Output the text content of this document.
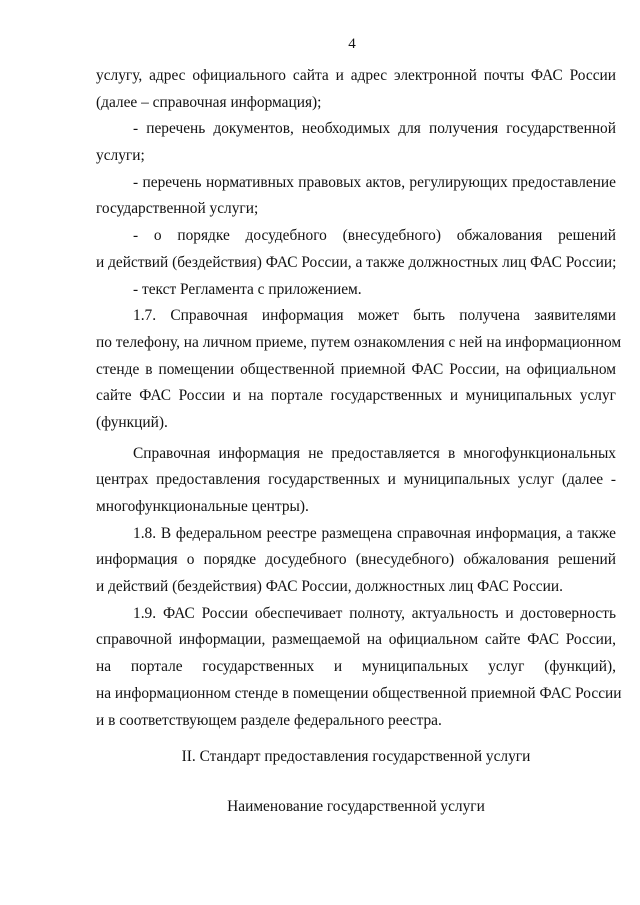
4
услугу, адрес официального сайта и адрес электронной почты ФАС России
(далее – справочная информация);
- перечень документов, необходимых для получения государственной
услуги;
- перечень нормативных правовых актов, регулирующих предоставление
государственной услуги;
- о порядке досудебного (внесудебного) обжалования решений
и действий (бездействия) ФАС России, а также должностных лиц ФАС России;
- текст Регламента с приложением.
1.7. Справочная информация может быть получена заявителями
по телефону, на личном приеме, путем ознакомления с ней на информационном
стенде в помещении общественной приемной ФАС России, на официальном
сайте ФАС России и на портале государственных и муниципальных услуг
(функций).
Справочная информация не предоставляется в многофункциональных
центрах предоставления государственных и муниципальных услуг (далее -
многофункциональные центры).
1.8. В федеральном реестре размещена справочная информация, а также
информация о порядке досудебного (внесудебного) обжалования решений
и действий (бездействия) ФАС России, должностных лиц ФАС России.
1.9. ФАС России обеспечивает полноту, актуальность и достоверность
справочной информации, размещаемой на официальном сайте ФАС России,
на портале государственных и муниципальных услуг (функций),
на информационном стенде в помещении общественной приемной ФАС России
и в соответствующем разделе федерального реестра.
II. Стандарт предоставления государственной услуги
Наименование государственной услуги
